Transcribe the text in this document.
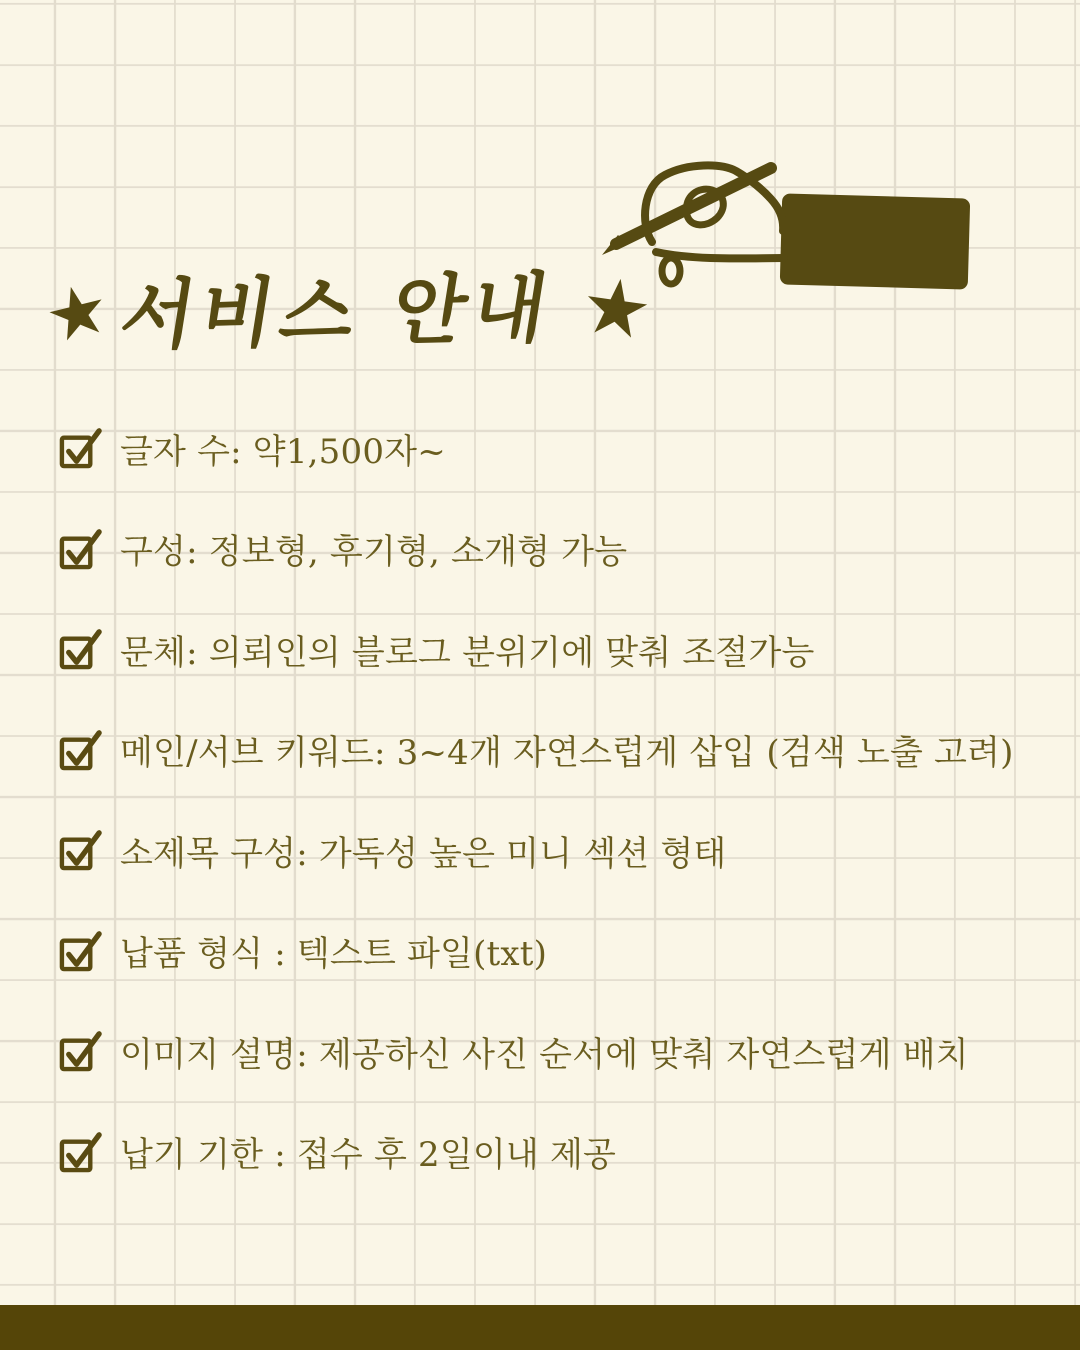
★
서비스 안내 ★
글자 수: 약1,500자~
구성: 정보형, 후기형, 소개형 가능
문체: 의뢰인의 블로그 분위기에 맞춰 조절가능
메인/서브 키워드: 3~4개 자연스럽게 삽입 (검색 노출 고려)
소제목 구성: 가독성 높은 미니 섹션 형태
납품 형식 : 텍스트 파일(txt)
이미지 설명: 제공하신 사진 순서에 맞춰 자연스럽게 배치
납기 기한 : 접수 후 2일이내 제공
